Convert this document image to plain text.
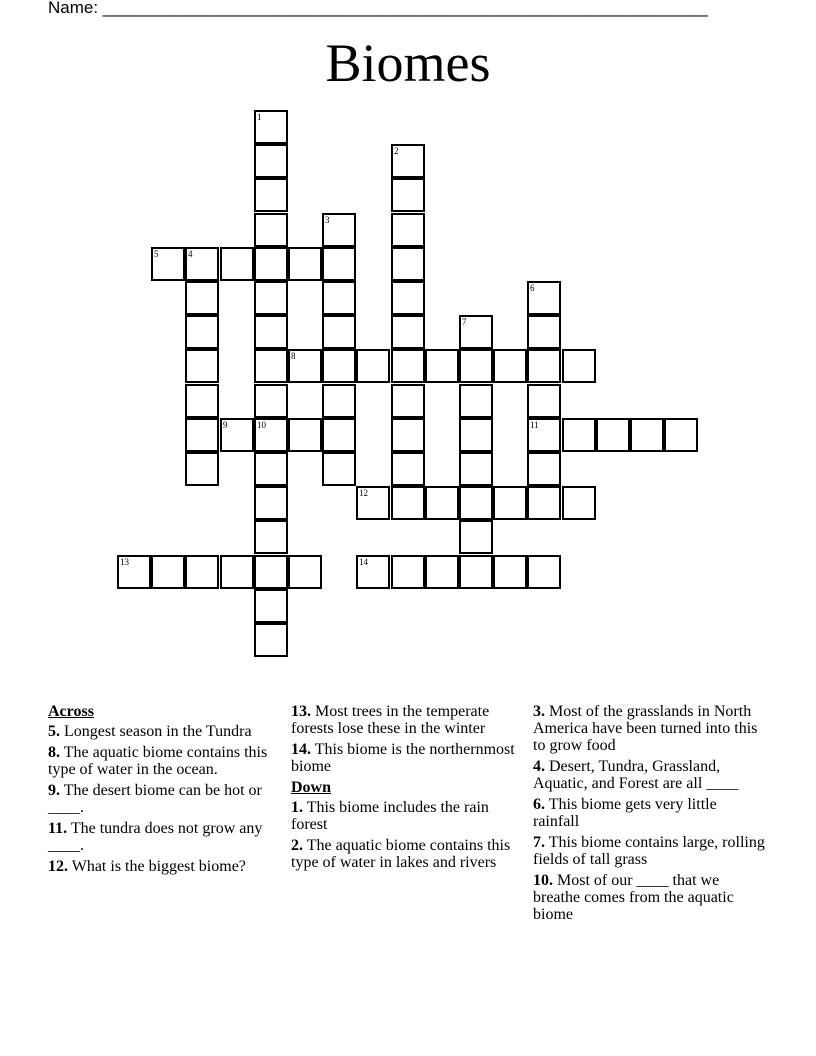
Name: ________________________________________________________________
Biomes
5	4
8
9	10	11
12
13	14
1
2
3
6
7
Across
5. Longest season in the Tundra
8. The aquatic biome contains this type of water in the ocean.
9. The desert biome can be hot or ____.
11. The tundra does not grow any ____.
12. What is the biggest biome?
13. Most trees in the temperate forests lose these in the winter
14. This biome is the northernmost biome
Down
1. This biome includes the rain forest
2. The aquatic biome contains this type of water in lakes and rivers
3. Most of the grasslands in North America have been turned into this to grow food
4. Desert, Tundra, Grassland, Aquatic, and Forest are all ____
6. This biome gets very little rainfall
7. This biome contains large, rolling fields of tall grass
10. Most of our ____ that we breathe comes from the aquatic biome
